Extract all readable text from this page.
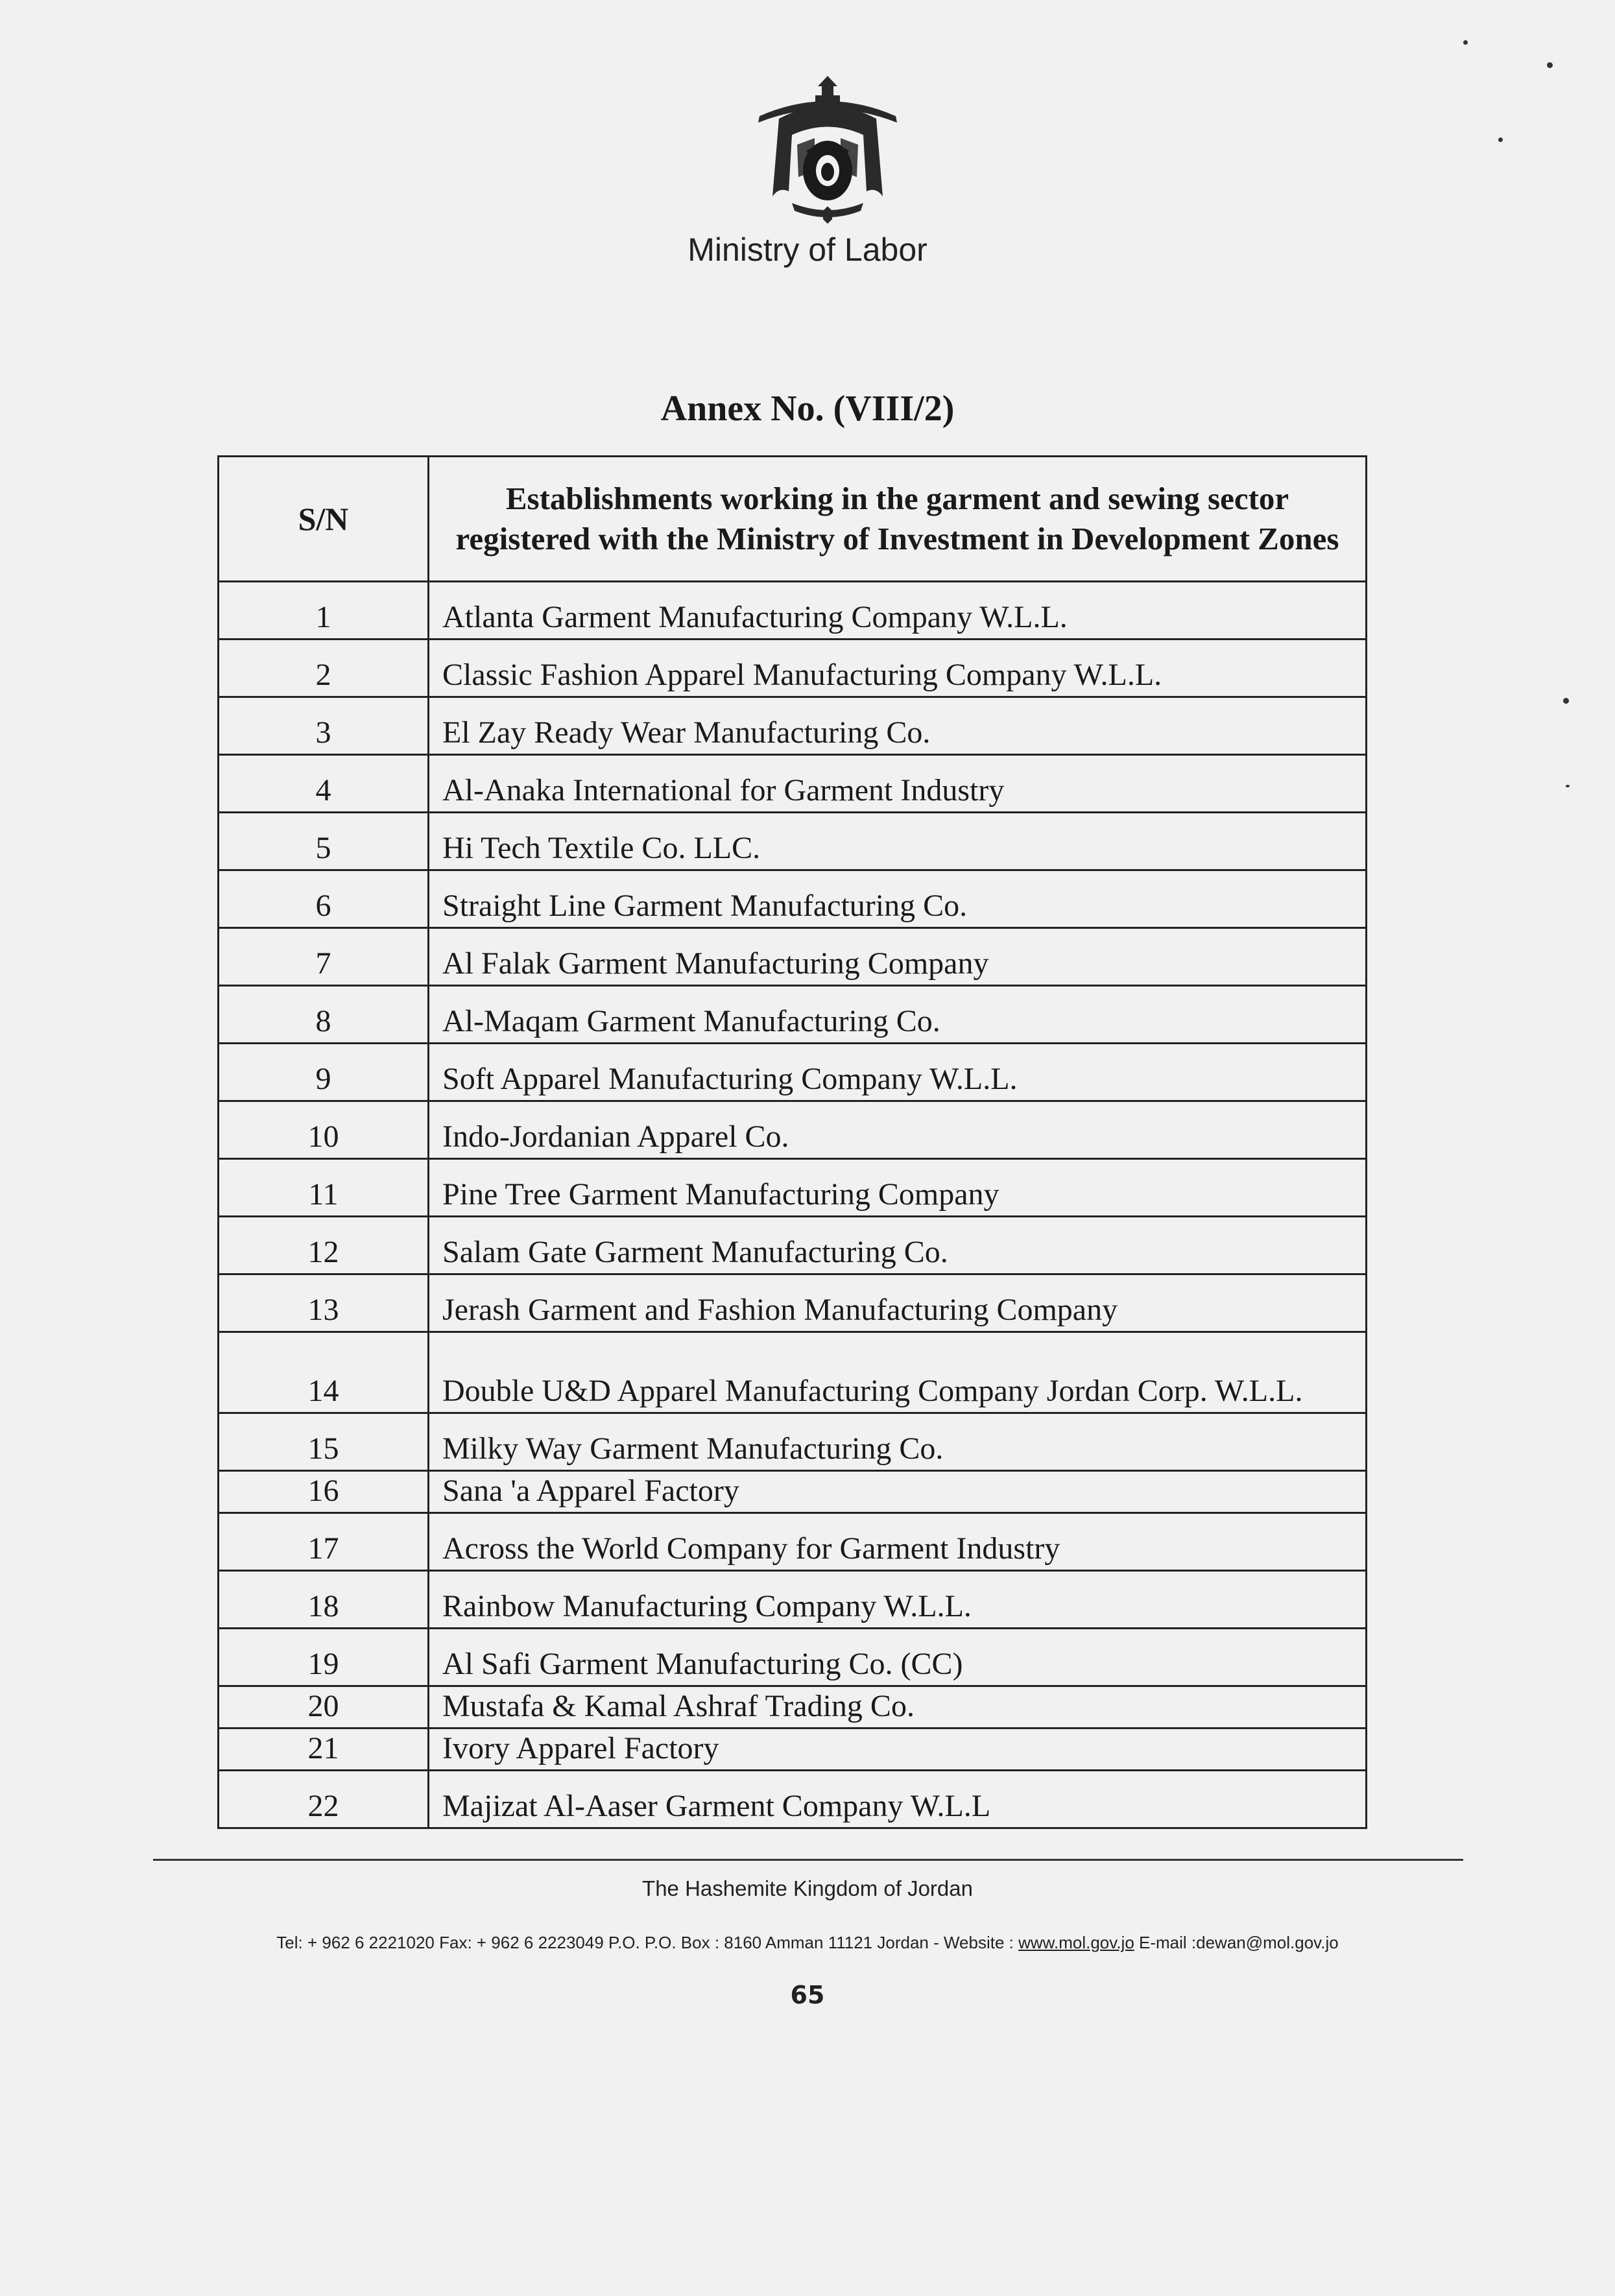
Ministry of Labor
Annex No. (VIII/2)
S/N	Establishments working in the garment and sewing sector registered with the Ministry of Investment in Development Zones
1	Atlanta Garment Manufacturing Company W.L.L.
2	Classic Fashion Apparel Manufacturing Company W.L.L.
3	El Zay Ready Wear Manufacturing Co.
4	Al-Anaka International for Garment Industry
5	Hi Tech Textile Co. LLC.
6	Straight Line Garment Manufacturing Co.
7	Al Falak Garment Manufacturing Company
8	Al-Maqam Garment Manufacturing Co.
9	Soft Apparel Manufacturing Company W.L.L.
10	Indo-Jordanian Apparel Co.
11	Pine Tree Garment Manufacturing Company
12	Salam Gate Garment Manufacturing Co.
13	Jerash Garment and Fashion Manufacturing Company
14	Double U&D Apparel Manufacturing Company Jordan Corp. W.L.L.
15	Milky Way Garment Manufacturing Co.
16	Sana 'a Apparel Factory
17	Across the World Company for Garment Industry
18	Rainbow Manufacturing Company W.L.L.
19	Al Safi Garment Manufacturing Co. (CC)
20	Mustafa & Kamal Ashraf Trading Co.
21	Ivory Apparel Factory
22	Majizat Al-Aaser Garment Company W.L.L
The Hashemite Kingdom of Jordan
Tel: + 962 6 2221020 Fax: + 962 6 2223049 P.O. P.O. Box : 8160 Amman 11121 Jordan - Website : www.mol.gov.jo E-mail :dewan@mol.gov.jo
65
